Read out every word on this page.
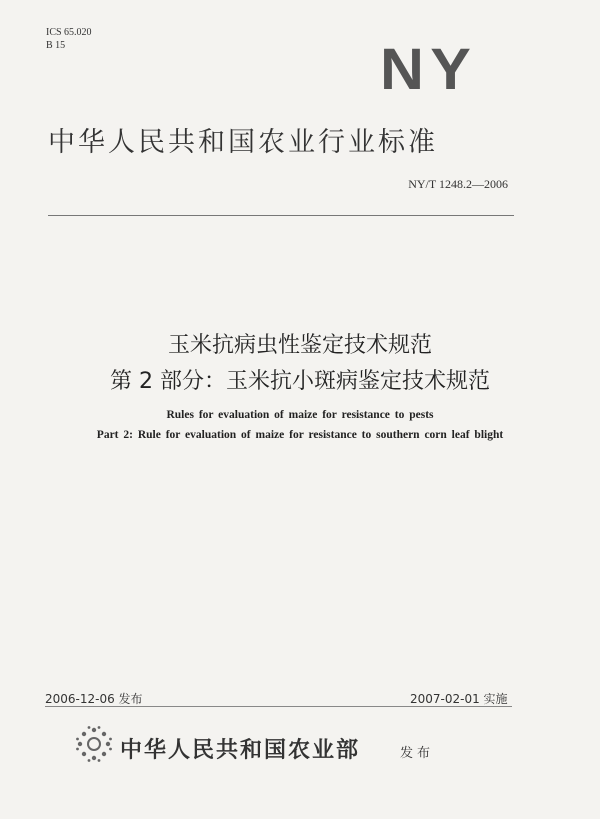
ICS 65.020
B 15	NY
中华人民共和国农业行业标准
NY/T 1248.2—2006
玉米抗病虫性鉴定技术规范
第 2 部分：玉米抗小斑病鉴定技术规范
Rules for evaluation of maize for resistance to pests
Part 2: Rule for evaluation of maize for resistance to southern corn leaf blight
2006-12-06 发布	2007-02-01 实施
中华人民共和国农业部	发布
